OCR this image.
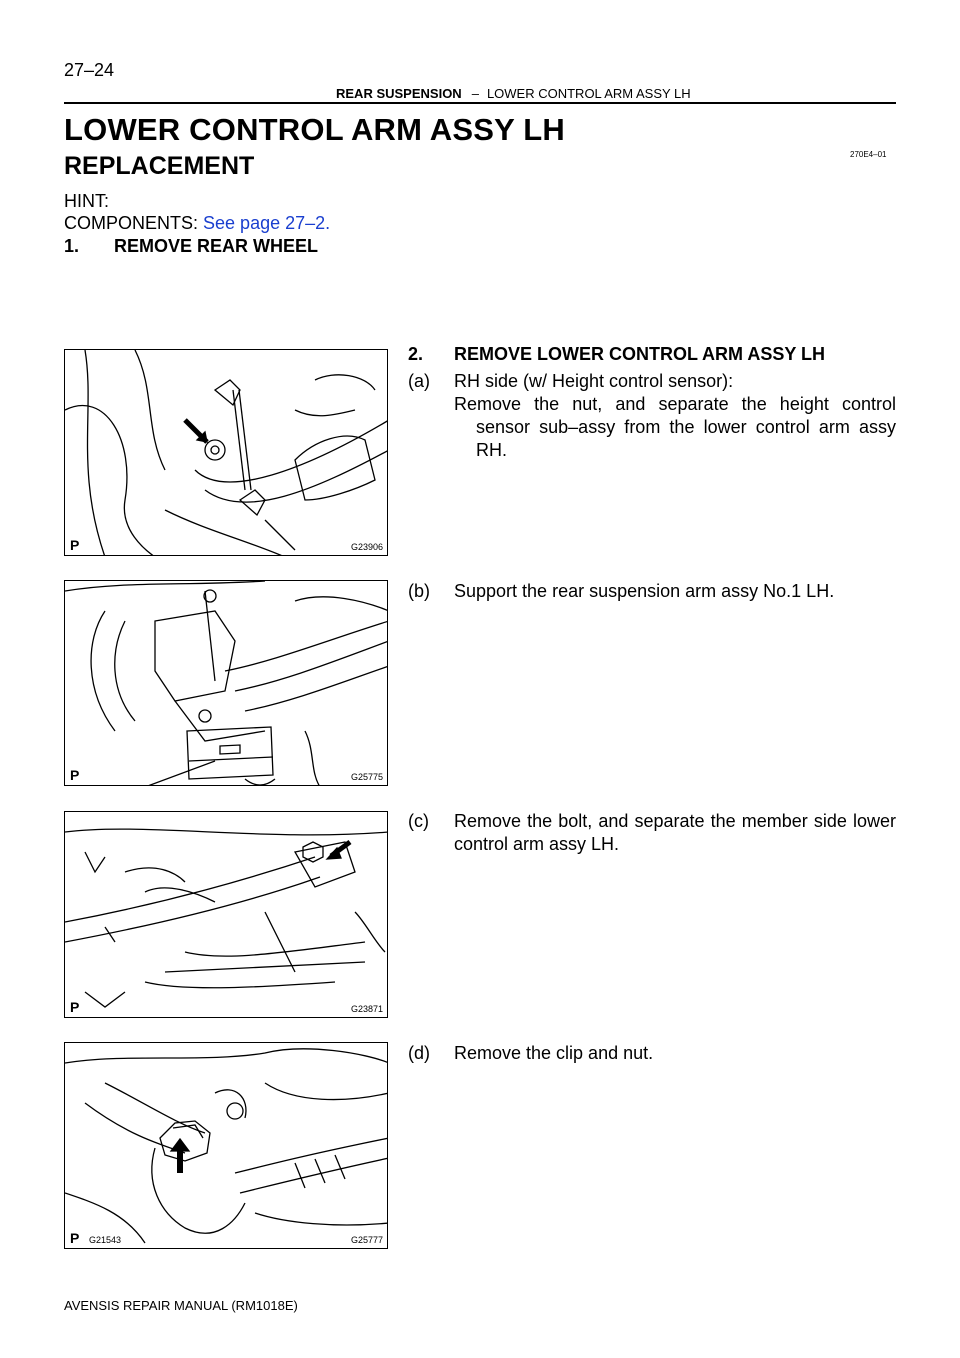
27–24
REAR SUSPENSION – LOWER CONTROL ARM ASSY LH
LOWER CONTROL ARM ASSY LH
270E4–01
REPLACEMENT
HINT:
COMPONENTS: See page 27–2.
1. REMOVE REAR WHEEL
P	G23906
P	G25775
P	G23871
P G21543	G25777
2. REMOVE LOWER CONTROL ARM ASSY LH
(a) RH side (w/ Height control sensor):
Remove the nut, and separate the height control sensor sub–assy from the lower control arm assy RH.
(b) Support the rear suspension arm assy No.1 LH.
(c) Remove the bolt, and separate the member side lower control arm assy LH.
(d) Remove the clip and nut.
AVENSIS REPAIR MANUAL (RM1018E)
